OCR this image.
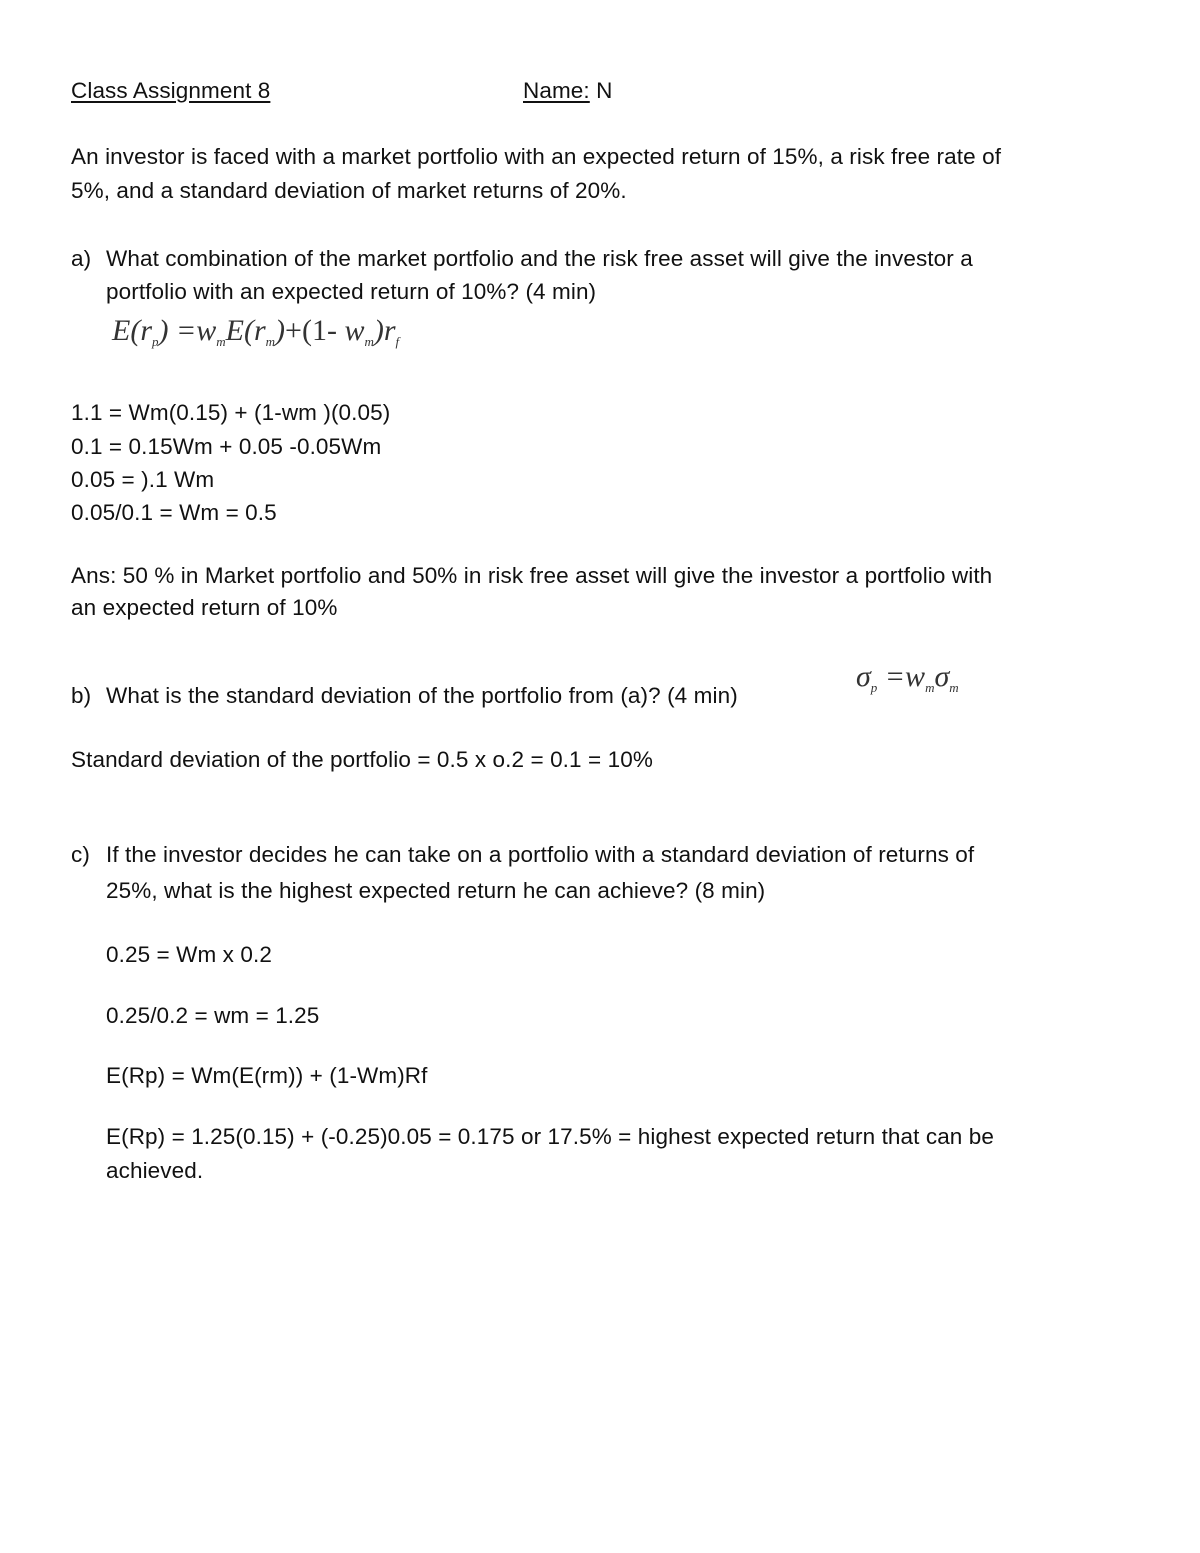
Class Assignment 8	Name: N
An investor is faced with a market portfolio with an expected return of 15%, a risk free rate of
5%, and a standard deviation of market returns of 20%.
a) What combination of the market portfolio and the risk free asset will give the investor a
portfolio with an expected return of 10%? (4 min)
$E(r_p) =w_mE(r_m)+(1-$ $w_m)r_f$
1.1 = Wm(0.15) + (1-wm )(0.05)
0.1 = 0.15Wm + 0.05 -0.05Wm
0.05 = ).1 Wm
0.05/0.1 = Wm = 0.5
Ans: 50 % in Market portfolio and 50% in risk free asset will give the investor a portfolio with
an expected return of 10%
b) What is the standard deviation of the portfolio from (a)? (4 min)
$\sigma_p =w_m\sigma_m$
Standard deviation of the portfolio = 0.5 x o.2 = 0.1 = 10%
c) If the investor decides he can take on a portfolio with a standard deviation of returns of
25%, what is the highest expected return he can achieve? (8 min)
0.25 = Wm x 0.2
0.25/0.2 = wm = 1.25
E(Rp) = Wm(E(rm)) + (1-Wm)Rf
E(Rp) = 1.25(0.15) + (-0.25)0.05 = 0.175 or 17.5% = highest expected return that can be
achieved.
